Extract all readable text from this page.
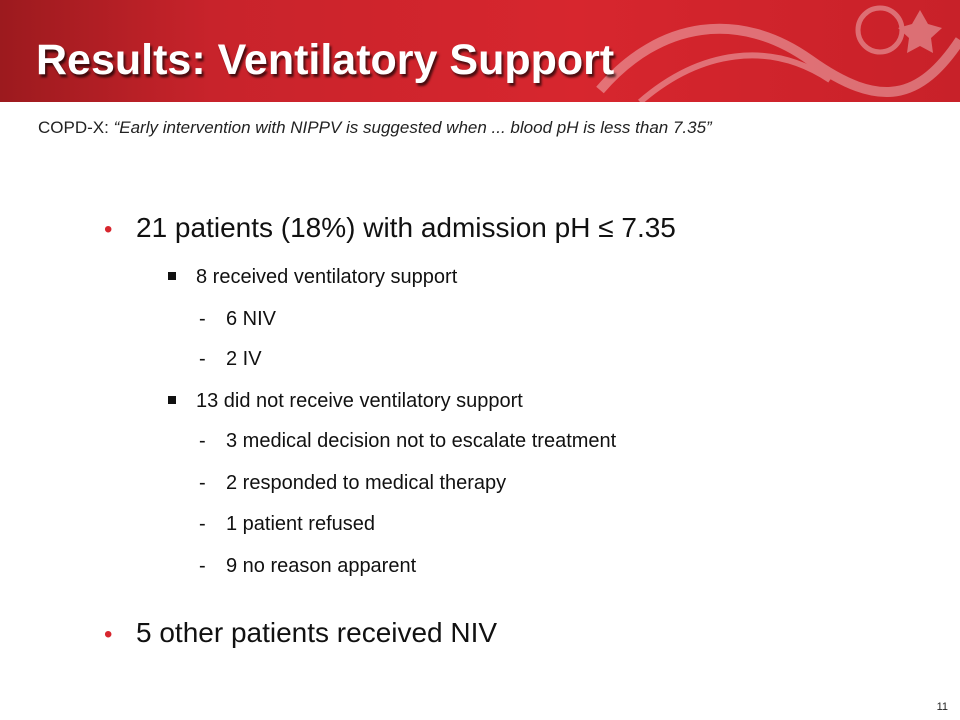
Results: Ventilatory Support
COPD-X: “Early intervention with NIPPV is suggested when ... blood pH is less than 7.35”
• 21 patients (18%) with admission pH ≤ 7.35
8 received ventilatory support
- 6 NIV
- 2 IV
13 did not receive ventilatory support
- 3 medical decision not to escalate treatment
- 2 responded to medical therapy
- 1 patient refused
- 9 no reason apparent
• 5 other patients received NIV
11
